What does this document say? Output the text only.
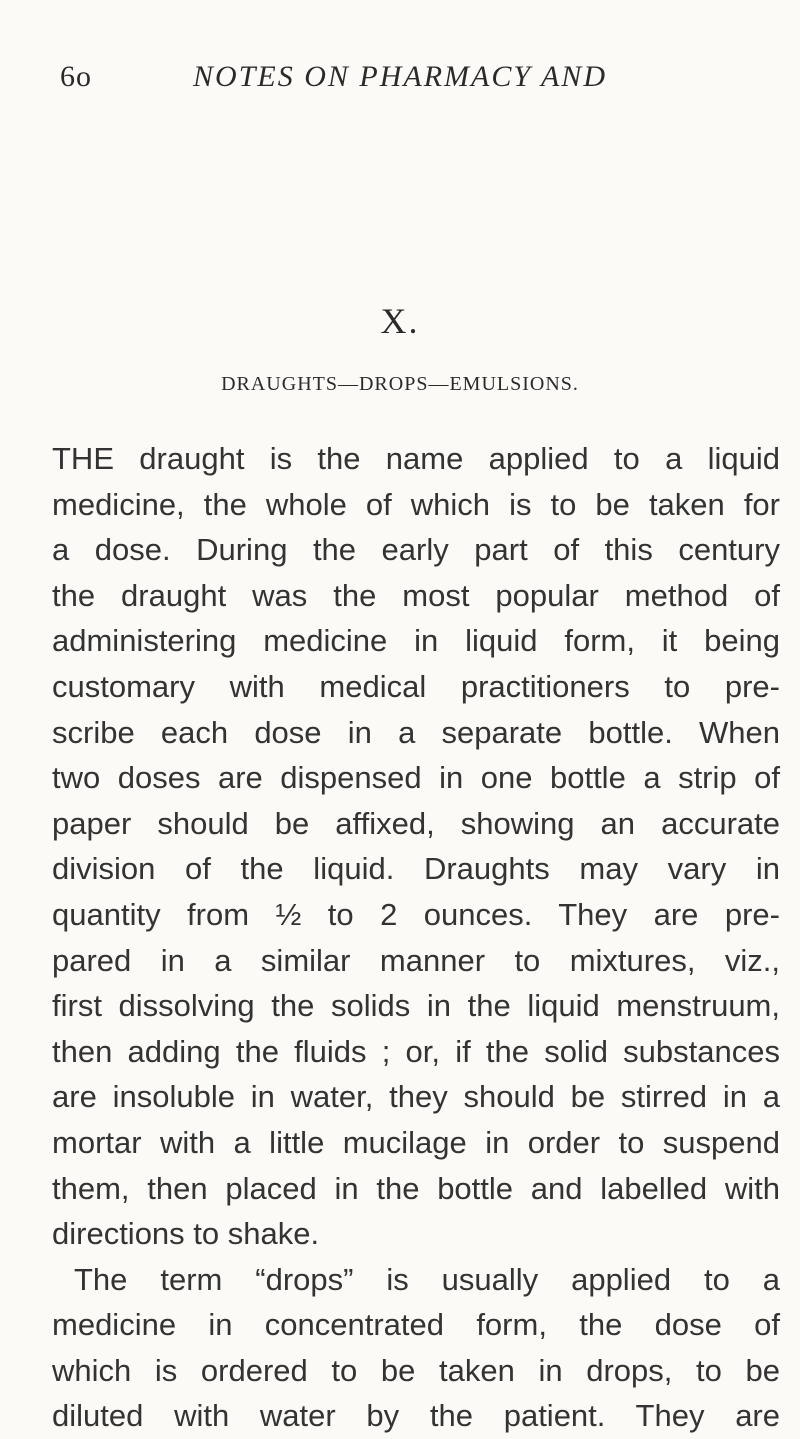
6o	NOTES ON PHARMACY AND
X.
DRAUGHTS—DROPS—EMULSIONS.
THE draught is the name applied to a liquid
medicine, the whole of which is to be taken for
a dose. During the early part of this century
the draught was the most popular method of
administering medicine in liquid form, it being
customary with medical practitioners to pre-
scribe each dose in a separate bottle. When
two doses are dispensed in one bottle a strip of
paper should be affixed, showing an accurate
division of the liquid. Draughts may vary in
quantity from ½ to 2 ounces. They are pre-
pared in a similar manner to mixtures, viz.,
first dissolving the solids in the liquid menstruum,
then adding the fluids ; or, if the solid substances
are insoluble in water, they should be stirred in a
mortar with a little mucilage in order to suspend
them, then placed in the bottle and labelled with
directions to shake.
The term “drops” is usually applied to a
medicine in concentrated form, the dose of
which is ordered to be taken in drops, to be
diluted with water by the patient. They are
